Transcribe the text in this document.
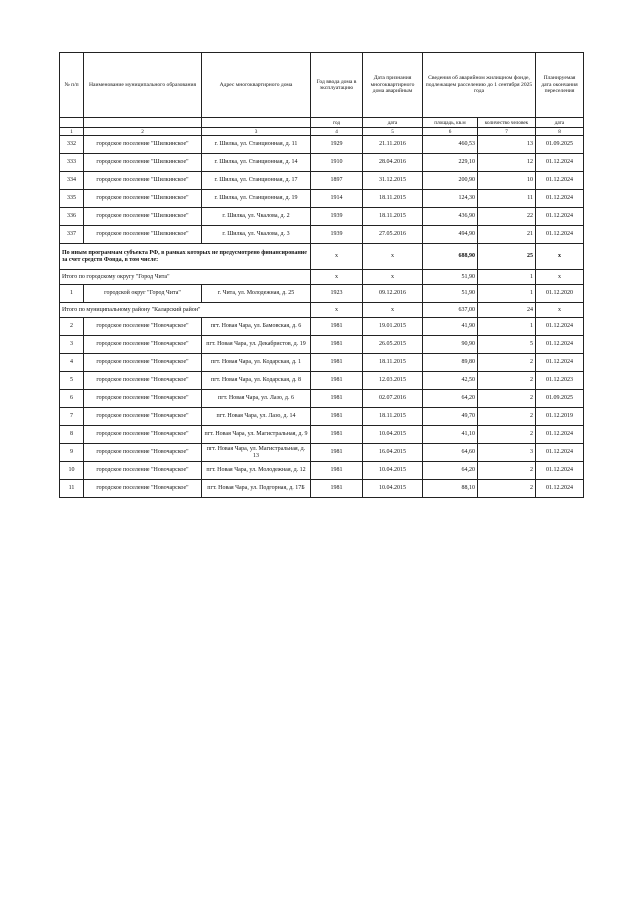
№ п/п	Наименование муниципального образования	Адрес многоквартирного дома	Год ввода дома в эксплуатацию	Дата признания многоквартирного дома аварийным	Сведения об аварийном жилищном фонде, подлежащем расселению до 1 сентября 2025 года		Планируемая дата окончания переселения
			год	дата	площадь, кв.м	количество человек	дата
1	2	3	4	5	6	7	8
332	городское поселение "Шилкинское"	г. Шилка, ул. Станционная, д. 11	1929	21.11.2016	460,53	13	01.09.2025
333	городское поселение "Шилкинское"	г. Шилка, ул. Станционная, д. 14	1910	28.04.2016	229,10	12	01.12.2024
334	городское поселение "Шилкинское"	г. Шилка, ул. Станционная, д. 17	1897	31.12.2015	200,90	10	01.12.2024
335	городское поселение "Шилкинское"	г. Шилка, ул. Станционная, д. 19	1914	18.11.2015	124,30	11	01.12.2024
336	городское поселение "Шилкинское"	г. Шилка, ул. Чкалова, д. 2	1939	18.11.2015	436,90	22	01.12.2024
337	городское поселение "Шилкинское"	г. Шилка, ул. Чкалова, д. 3	1939	27.05.2016	494,90	21	01.12.2024
По иным программам субъекта РФ, в рамках которых не предусмотрено финансирование за счет средств Фонда, в том числе:			х	х	688,90	25	х
Итого по городскому округу "Город Чита"			х	х	51,90	1	х
1	городской округ "Город Чита"	г. Чита, ул. Молодежная, д. 25	1923	09.12.2016	51,90	1	01.12.2020
Итого по муниципальному району "Каларский район"			х	х	637,00	24	х
2	городское поселение "Новочарское"	пгт. Новая Чара, ул. Бамовская, д. 6	1981	19.01.2015	41,90	1	01.12.2024
3	городское поселение "Новочарское"	пгт. Новая Чара, ул. Декабристов, д. 19	1981	26.05.2015	90,90	5	01.12.2024
4	городское поселение "Новочарское"	пгт. Новая Чара, ул. Кодарская, д. 1	1981	18.11.2015	89,80	2	01.12.2024
5	городское поселение "Новочарское"	пгт. Новая Чара, ул. Кодарская, д. 8	1981	12.03.2015	42,50	2	01.12.2023
6	городское поселение "Новочарское"	пгт. Новая Чара, ул. Лазо, д. 6	1981	02.07.2016	64,20	2	01.09.2025
7	городское поселение "Новочарское"	пгт. Новая Чара, ул. Лазо, д. 14	1981	18.11.2015	49,70	2	01.12.2019
8	городское поселение "Новочарское"	пгт. Новая Чара, ул. Магистральная, д. 9	1981	10.04.2015	41,10	2	01.12.2024
9	городское поселение "Новочарское"	пгт. Новая Чара, ул. Магистральная, д. 13	1981	16.04.2015	64,60	3	01.12.2024
10	городское поселение "Новочарское"	пгт. Новая Чара, ул. Молодежная, д. 12	1981	10.04.2015	64,20	2	01.12.2024
11	городское поселение "Новочарское"	пгт. Новая Чара, ул. Подгорная, д. 17Б	1981	10.04.2015	88,10	2	01.12.2024
